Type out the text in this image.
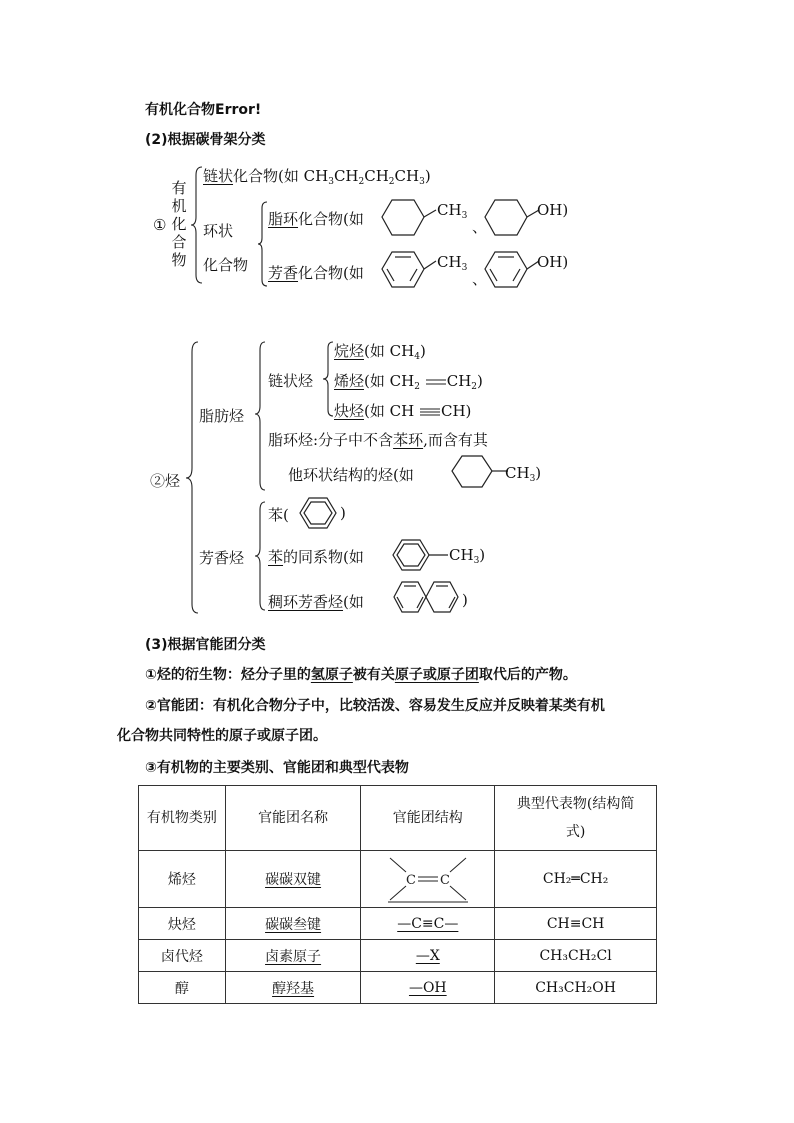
有机化合物Error!
(2)根据碳骨架分类
①
有
机
化
合
物
链状化合物(如 $CH_3CH_2CH_2CH_3$)
环状
化合物
脂环化合物(如	$CH_3$
、
OH)
芳香化合物(如
$CH_3$
、
OH)
②烃
脂肪烃
链状烃
烷烃(如 $CH_4$)
烯烃(如 $CH_2$ $CH_2$)
炔烃(如 CH CH)
脂环烃:分子中不含苯环,而含有其
他环状结构的烃(如	$CH_3$)
芳香烃
苯(	)
苯的同系物(如	$CH_3$)
稠环芳香烃(如	)
(3)根据官能团分类
①烃的衍生物：烃分子里的氢原子被有关原子或原子团取代后的产物。
②官能团：有机化合物分子中，比较活泼、容易发生反应并反映着某类有机
化合物共同特性的原子或原子团。
③有机物的主要类别、官能团和典型代表物
有机物类别	官能团名称	官能团结构	典型代表物(结构简式)
烯烃	碳碳双键	C C	CH₂═CH₂
炔烃	碳碳叁键	—C≡C—	CH≡CH
卤代烃	卤素原子	—X	CH₃CH₂Cl
醇	醇羟基	—OH	CH₃CH₂OH
